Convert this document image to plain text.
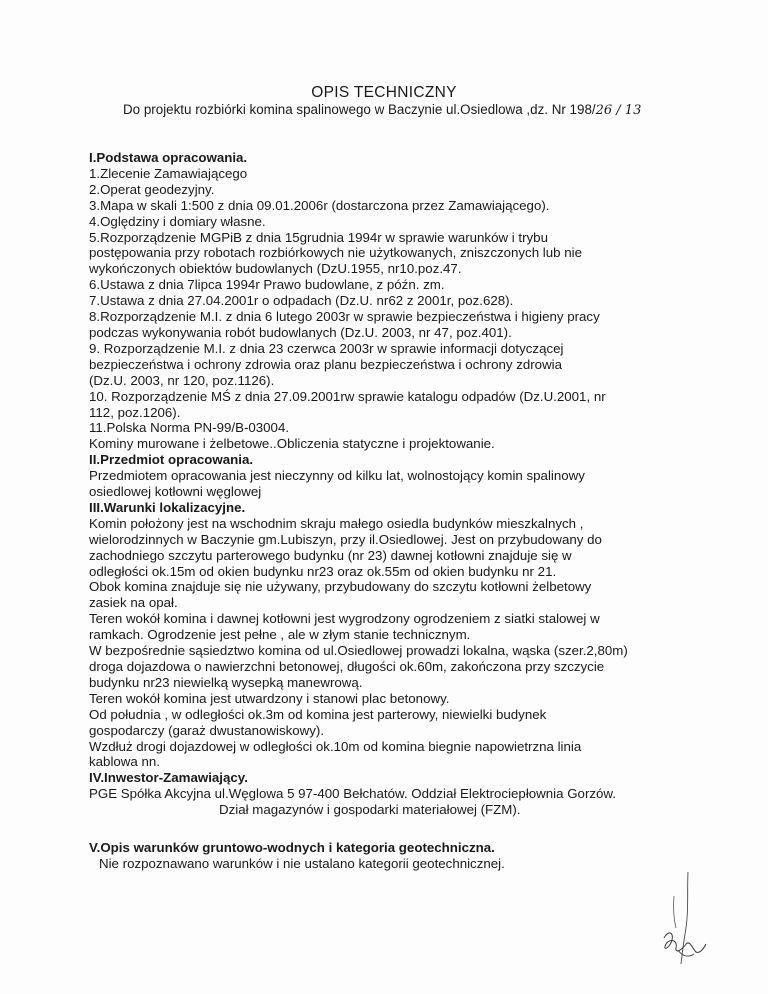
OPIS TECHNICZNY
Do projektu rozbiórki komina spalinowego w Baczynie ul.Osiedlowa ,dz. Nr 198/26 ∕ 13
I.Podstawa opracowania.
1.Zlecenie Zamawiającego
2.Operat geodezyjny.
3.Mapa w skali 1:500 z dnia 09.01.2006r (dostarczona przez Zamawiającego).
4.Oględziny i domiary własne.
5.Rozporządzenie MGPiB z dnia 15grudnia 1994r w sprawie warunków i trybu
postępowania przy robotach rozbiórkowych nie użytkowanych, zniszczonych lub nie
wykończonych obiektów budowlanych (DzU.1955, nr10.poz.47.
6.Ustawa z dnia 7lipca 1994r Prawo budowlane, z późn. zm.
7.Ustawa z dnia 27.04.2001r o odpadach (Dz.U. nr62 z 2001r, poz.628).
8.Rozporządzenie M.I. z dnia 6 lutego 2003r w sprawie bezpieczeństwa i higieny pracy
podczas wykonywania robót budowlanych (Dz.U. 2003, nr 47, poz.401).
9. Rozporządzenie M.I. z dnia 23 czerwca 2003r w sprawie informacji dotyczącej
bezpieczeństwa i ochrony zdrowia oraz planu bezpieczeństwa i ochrony zdrowia
(Dz.U. 2003, nr 120, poz.1126).
10. Rozporządzenie MŚ z dnia 27.09.2001rw sprawie katalogu odpadów (Dz.U.2001, nr
112, poz.1206).
11.Polska Norma PN-99/B-03004.
Kominy murowane i żelbetowe..Obliczenia statyczne i projektowanie.
II.Przedmiot opracowania.
Przedmiotem opracowania jest nieczynny od kilku lat, wolnostojący komin spalinowy
osiedlowej kotłowni węglowej
III.Warunki lokalizacyjne.
Komin położony jest na wschodnim skraju małego osiedla budynków mieszkalnych ,
wielorodzinnych w Baczynie gm.Lubiszyn, przy il.Osiedlowej. Jest on przybudowany do
zachodniego szczytu parterowego budynku (nr 23) dawnej kotłowni znajduje się w
odległości ok.15m od okien budynku nr23 oraz ok.55m od okien budynku nr 21.
Obok komina znajduje się nie używany, przybudowany do szczytu kotłowni żelbetowy
zasiek na opał.
Teren wokół komina i dawnej kotłowni jest wygrodzony ogrodzeniem z siatki stalowej w
ramkach. Ogrodzenie jest pełne , ale w złym stanie technicznym.
W bezpośrednie sąsiedztwo komina od ul.Osiedlowej prowadzi lokalna, wąska (szer.2,80m)
droga dojazdowa o nawierzchni betonowej, długości ok.60m, zakończona przy szczycie
budynku nr23 niewielką wysepką manewrową.
Teren wokół komina jest utwardzony i stanowi plac betonowy.
Od południa , w odległości ok.3m od komina jest parterowy, niewielki budynek
gospodarczy (garaż dwustanowiskowy).
Wzdłuż drogi dojazdowej w odległości ok.10m od komina biegnie napowietrzna linia
kablowa nn.
IV.Inwestor-Zamawiający.
PGE Spółka Akcyjna ul.Węglowa 5 97-400 Bełchatów. Oddział Elektrociepłownia Gorzów.
Dział magazynów i gospodarki materiałowej (FZM).
V.Opis warunków gruntowo-wodnych i kategoria geotechniczna.
Nie rozpoznawano warunków i nie ustalano kategorii geotechnicznej.
